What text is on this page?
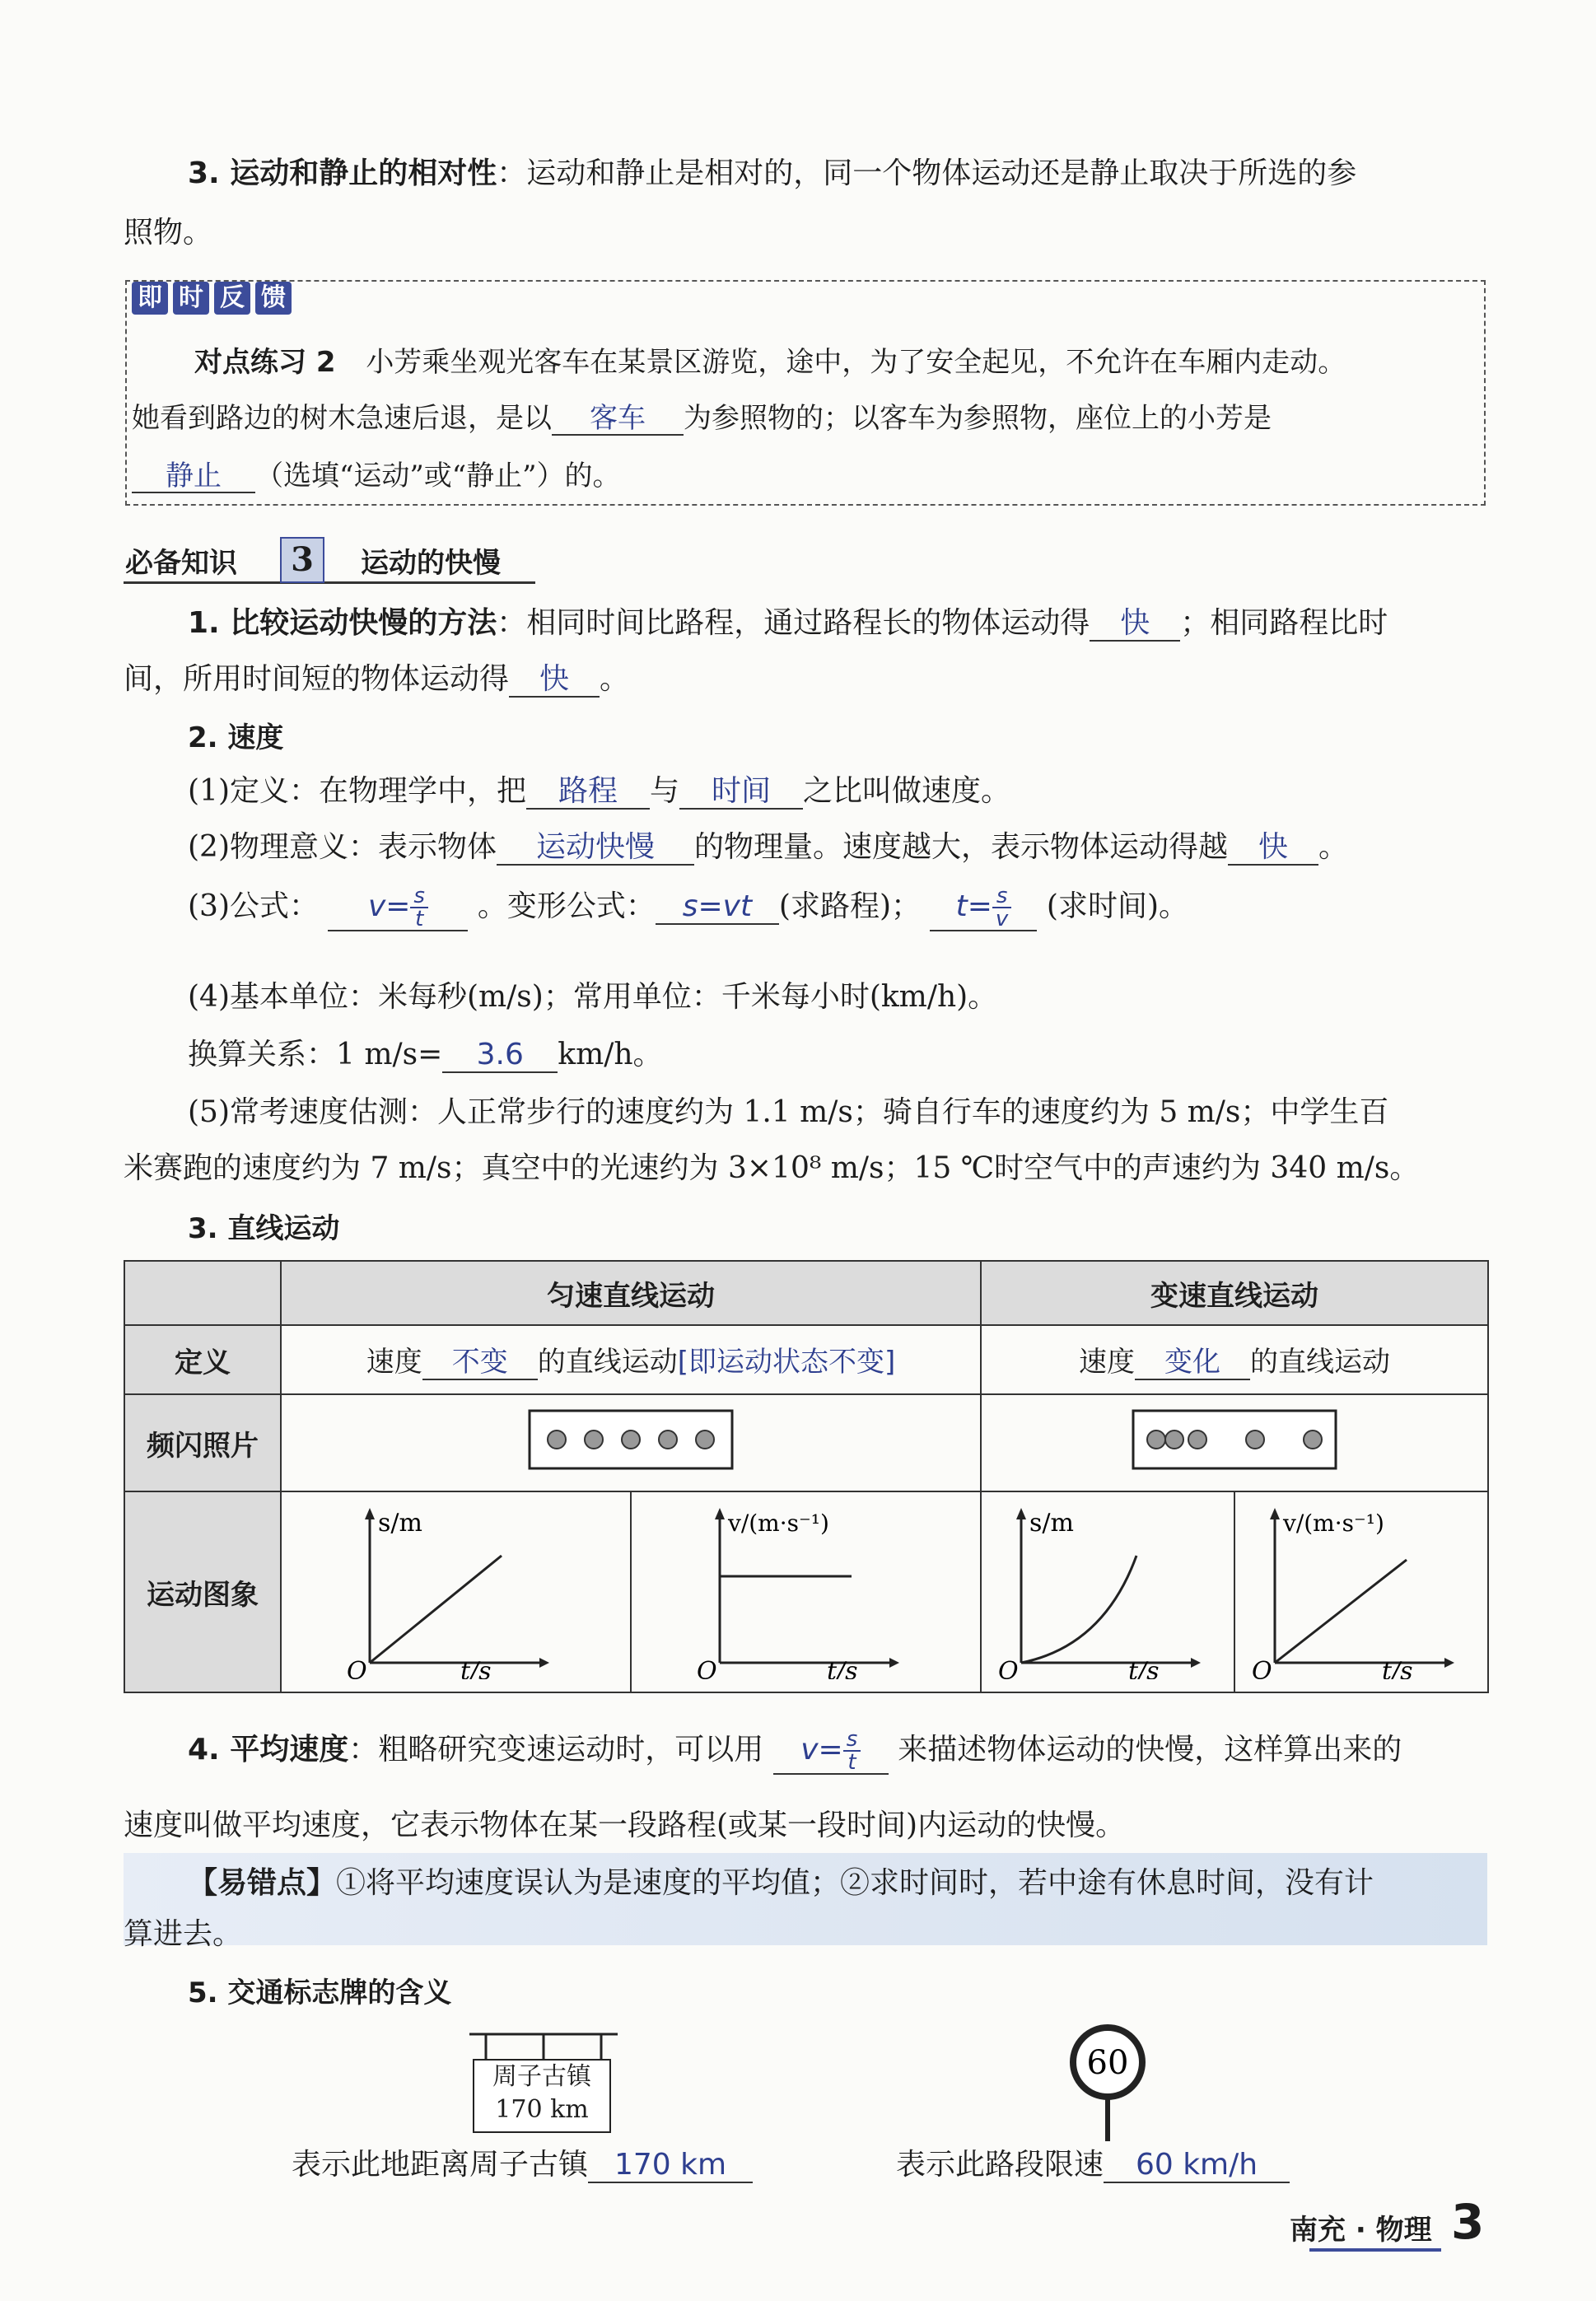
3. 运动和静止的相对性：运动和静止是相对的，同一个物体运动还是静止取决于所选的参
照物。
即 时 反 馈
对点练习 2 小芳乘坐观光客车在某景区游览，途中，为了安全起见，不允许在车厢内走动。
她看到路边的树木急速后退，是以 客车 为参照物的；以客车为参照物，座位上的小芳是
静止 （选填“运动”或“静止”）的。
必备知识	3	运动的快慢
1. 比较运动快慢的方法：相同时间比路程，通过路程长的物体运动得 快 ；相同路程比时
间，所用时间短的物体运动得 快 。
2. 速度
(1)定义：在物理学中，把 路程 与 时间 之比叫做速度。
(2)物理意义：表示物体 运动快慢 的物理量。速度越大，表示物体运动得越 快 。
(3)公式： $v= \frac{s}{t}$ 。变形公式： s=vt (求路程)； $t= \frac{s}{v}$ (求时间)。
(4)基本单位：米每秒(m/s)；常用单位：千米每小时(km/h)。
换算关系：1 m/s= 3.6 km/h。
(5)常考速度估测：人正常步行的速度约为 1.1 m/s；骑自行车的速度约为 5 m/s；中学生百
米赛跑的速度约为 7 m/s；真空中的光速约为 3×10⁸ m/s；15 ℃时空气中的声速约为 340 m/s。
3. 直线运动
	匀速直线运动		变速直线运动	
定义	速度 不变 的直线运动[即运动状态不变]		速度 变化 的直线运动	
频闪照片		
运动图象	s/m
t/s
O	v/(m·s⁻¹)
t/s
O	s/m
t/s
O	v/(m·s⁻¹)
t/s
O
4. 平均速度：粗略研究变速运动时，可以用 $v= \frac{s}{t}$ 来描述物体运动的快慢，这样算出来的
速度叫做平均速度，它表示物体在某一段路程(或某一段时间)内运动的快慢。
【易错点】①将平均速度误认为是速度的平均值；②求时间时，若中途有休息时间，没有计
算进去。
5. 交通标志牌的含义
周子古镇
170 km
60
表示此地距离周子古镇 170 km	表示此路段限速 60 km/h
南充 · 物理 3
